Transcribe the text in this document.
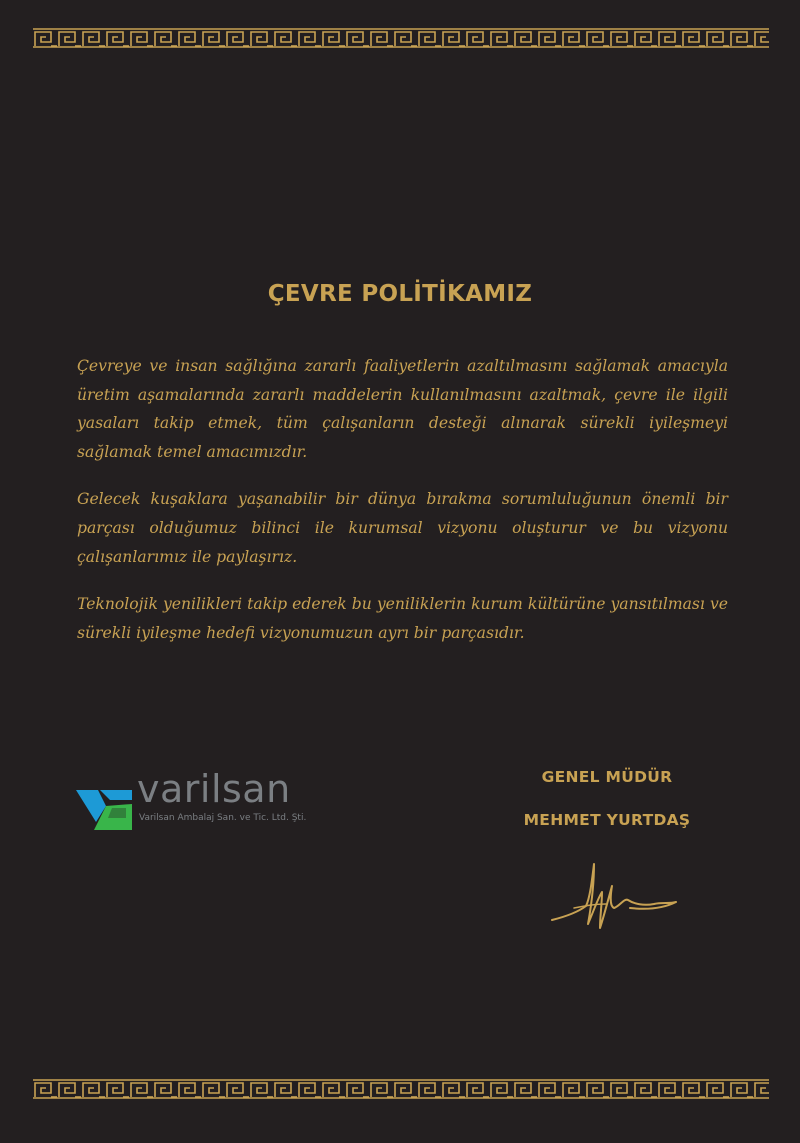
ÇEVRE POLİTİKAMIZ

Çevreye ve insan sağlığına zararlı faaliyetlerin azaltılmasını sağlamak amacıyla üretim aşamalarında zararlı maddelerin kullanılmasını azaltmak, çevre ile ilgili yasaları takip etmek, tüm çalışanların desteği alınarak sürekli iyileşmeyi sağlamak temel amacımızdır.

Gelecek kuşaklara yaşanabilir bir dünya bırakma sorumluluğunun önemli bir parçası olduğumuz bilinci ile kurumsal vizyonu oluşturur ve bu vizyonu çalışanlarımız ile paylaşırız.

Teknolojik yenilikleri takip ederek bu yeniliklerin kurum kültürüne yansıtılması ve sürekli iyileşme hedefi vizyonumuzun ayrı bir parçasıdır.

varilsan
Varilsan Ambalaj San. ve Tic. Ltd. Şti.
GENEL MÜDÜR
MEHMET YURTDAŞ
